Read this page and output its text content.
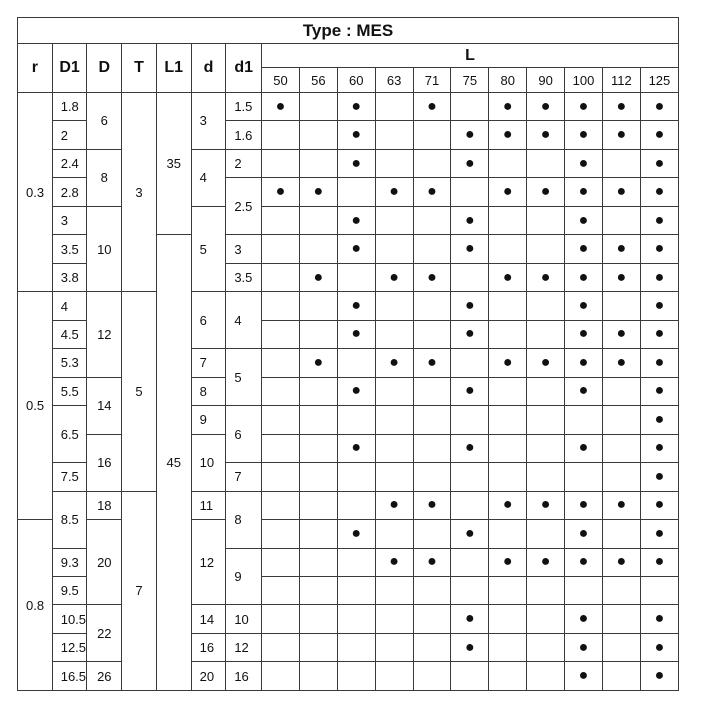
Type : MES																	
r	D1	D	T	L1	d	d1	L										
							50	56	60	63	71	75	80	90	100	112	125
0.3	1.8	6	3	35	3	1.5	●		●		●		●	●	●	●	●
	2					1.6			●			●	●	●	●	●	●
	2.4	8			4	2			●			●			●		●
	2.8					2.5	●	●		●	●		●	●	●	●	●
	3	10			5				●			●			●		●
	3.5			45		3			●			●			●	●	●
	3.8					3.5		●		●	●		●	●	●	●	●
0.5	4	12	5		6	4			●			●			●		●
	4.5								●			●			●	●	●
	5.3				7	5		●		●	●		●	●	●	●	●
	5.5	14			8				●			●			●		●
	6.5				9	6											●
		16			10				●			●			●		●
	7.5					7											●
	8.5	18	7		11	8				●	●		●	●	●	●	●
0.8		20			12				●			●			●		●
	9.3					9				●	●		●	●	●	●	●
	9.5																
	10.5	22			14	10						●			●		●
	12.5				16	12						●			●		●
	16.5	26			20	16									●		●
